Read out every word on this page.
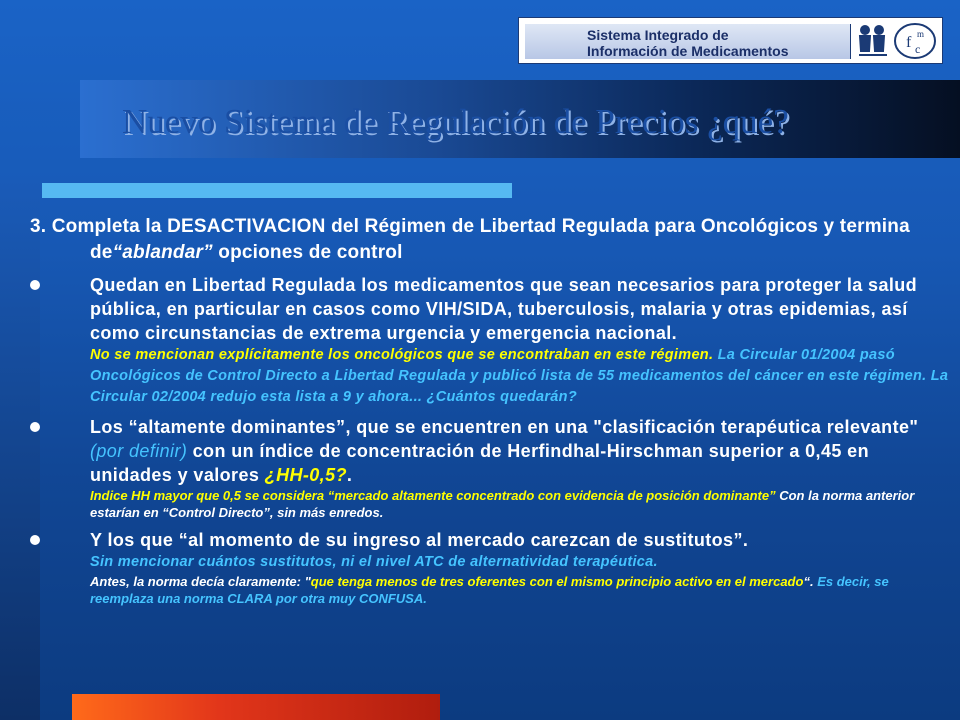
Sistema Integrado de
Información de Medicamentos	f c
m
Nuevo Sistema de Regulación de Precios ¿qué?

3. Completa la DESACTIVACION del Régimen de Libertad Regulada para Oncológicos y termina de“ablandar” opciones de control

Quedan en Libertad Regulada los medicamentos que sean necesarios para proteger la salud pública, en particular en casos como VIH/SIDA, tuberculosis, malaria y otras epidemias, así como circunstancias de extrema urgencia y emergencia nacional.
No se mencionan explícitamente los oncológicos que se encontraban en este régimen. La Circular 01/2004 pasó Oncológicos de Control Directo a Libertad Regulada y publicó lista de 55 medicamentos del cáncer en este régimen. La Circular 02/2004 redujo esta lista a 9 y ahora... ¿Cuántos quedarán?
Los “altamente dominantes”, que se encuentren en una "clasificación terapéutica relevante" (por definir) con un índice de concentración de Herfindhal-Hirschman superior a 0,45 en unidades y valores ¿HH-0,5?.
Indice HH mayor que 0,5 se considera “mercado altamente concentrado con evidencia de posición dominante” Con la norma anterior estarían en “Control Directo”, sin más enredos.
Y los que “al momento de su ingreso al mercado carezcan de sustitutos”.
Sin mencionar cuántos sustitutos, ni el nivel ATC de alternatividad terapéutica.
Antes, la norma decía claramente: "que tenga menos de tres oferentes con el mismo principio activo en el mercado“. Es decir, se reemplaza una norma CLARA por otra muy CONFUSA.
